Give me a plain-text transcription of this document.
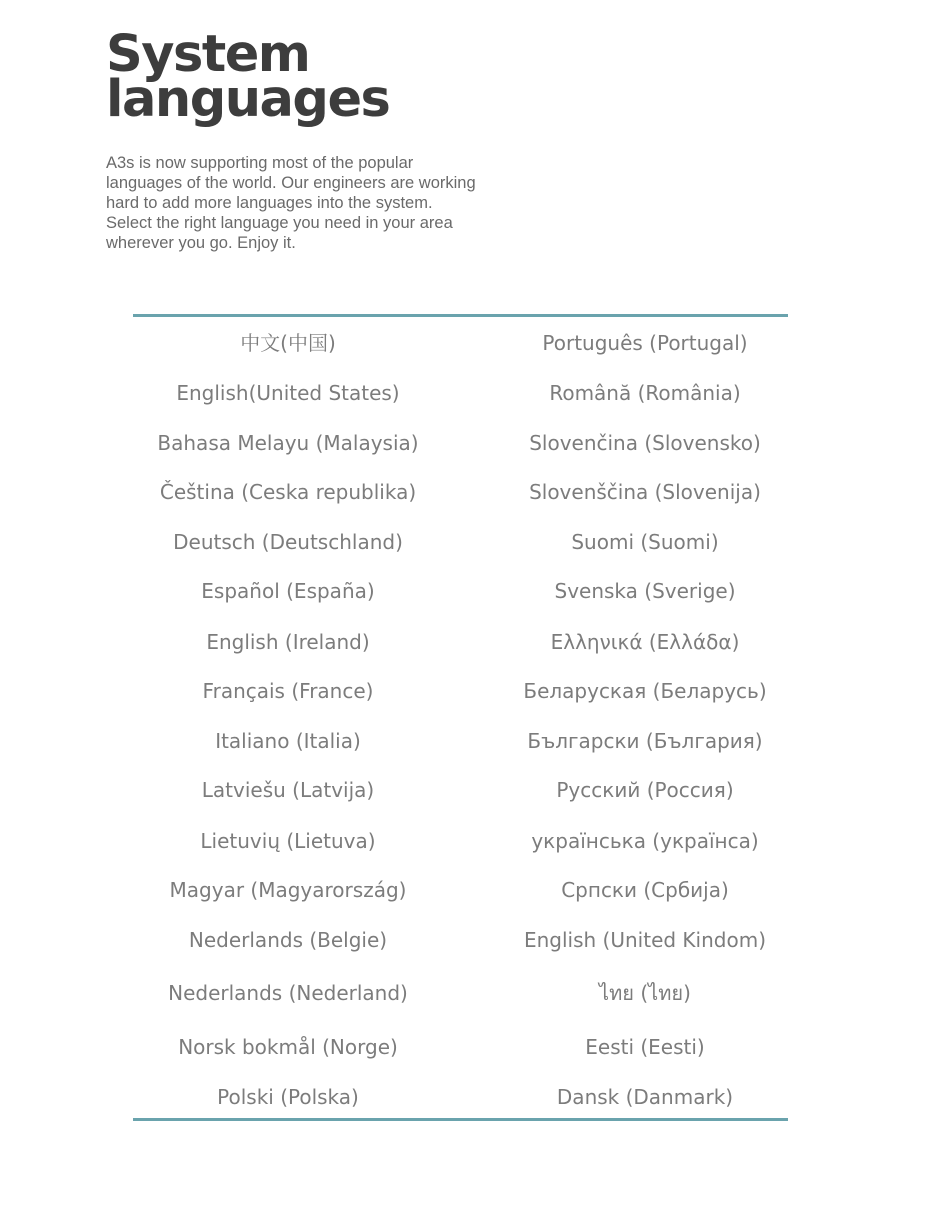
System
languages

A3s is now supporting most of the popular languages of the world. Our engineers are working hard to add more languages into the system. Select the right language you need in your area wherever you go. Enjoy it.

中文(中国)
English(United States)
Bahasa Melayu (Malaysia)
Čeština (Ceska republika)
Deutsch (Deutschland)
Español (España)
English (Ireland)
Français (France)
Italiano (Italia)
Latviešu (Latvija)
Lietuvių (Lietuva)
Magyar (Magyarország)
Nederlands (Belgie)
Nederlands (Nederland)
Norsk bokmål (Norge)
Polski (Polska)
Português (Portugal)
Română (România)
Slovenčina (Slovensko)
Slovenščina (Slovenija)
Suomi (Suomi)
Svenska (Sverige)
Ελληνικά (Ελλάδα)
Беларуская (Беларусь)
Български (България)
Русский (Россия)
українська (українса)
Српски (Србија)
English (United Kindom)
ไทย (ไทย)
Eesti (Eesti)
Dansk (Danmark)
